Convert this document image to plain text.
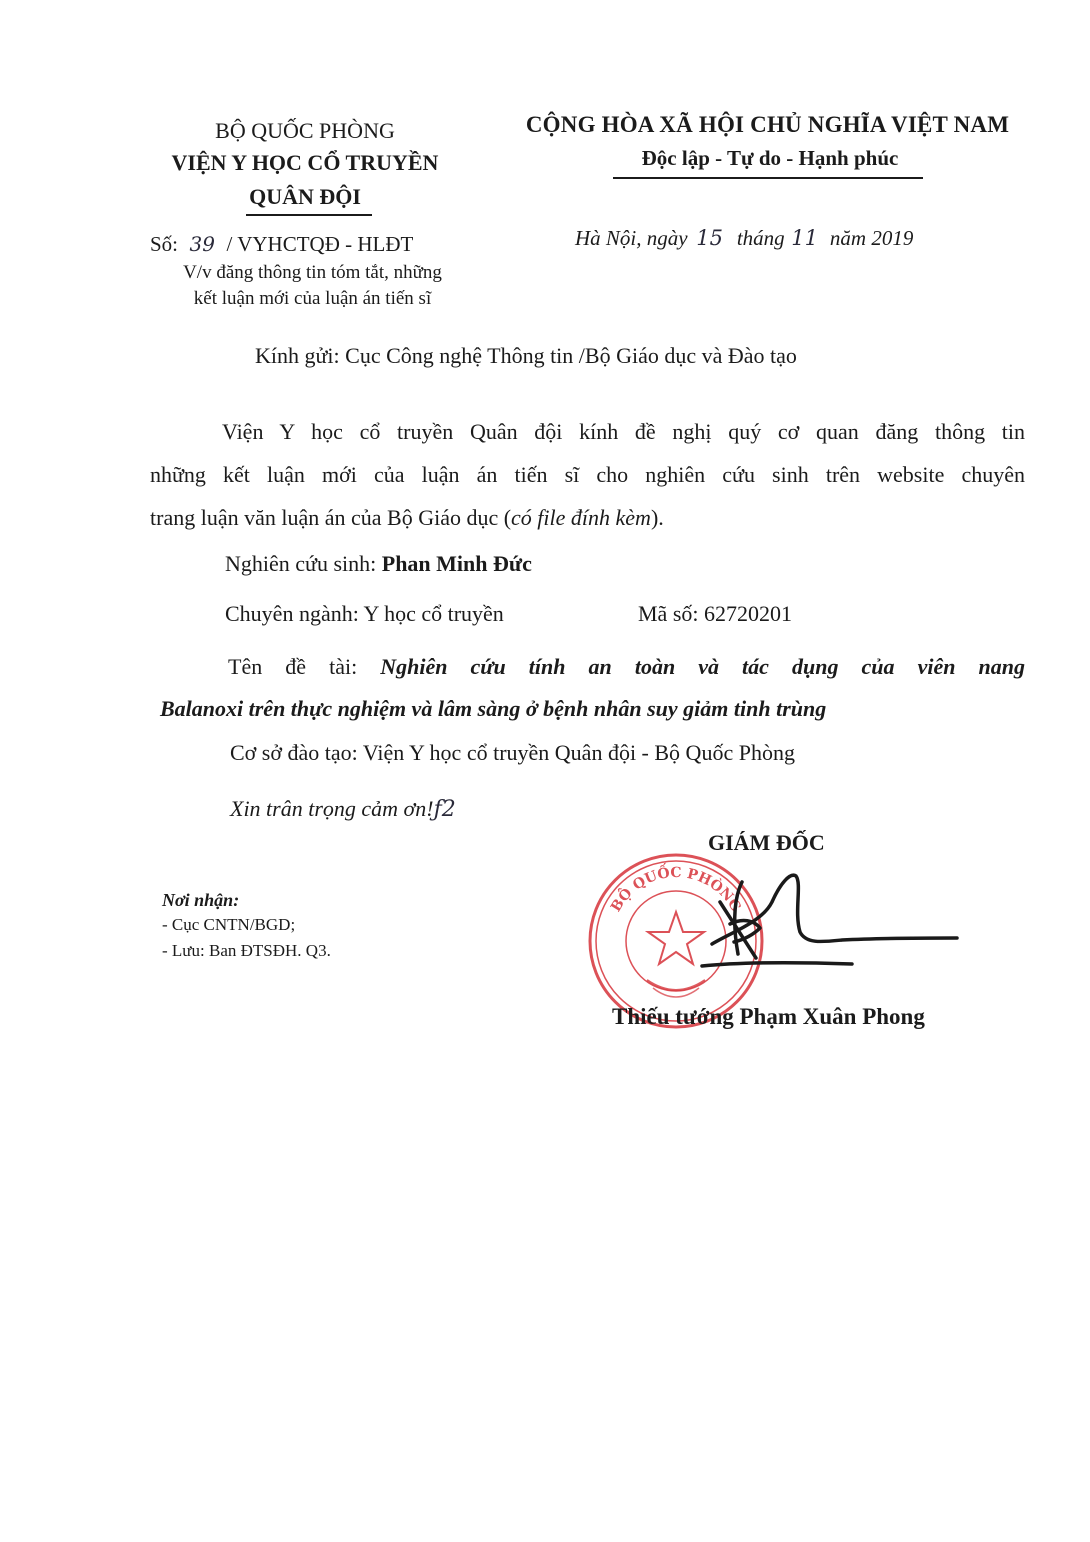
BỘ QUỐC PHÒNG
VIỆN Y HỌC CỔ TRUYỀN
QUÂN ĐỘI
Số: 39 / VYHCTQĐ - HLĐT
V/v đăng thông tin tóm tắt, những
kết luận mới của luận án tiến sĩ
CỘNG HÒA XÃ HỘI CHỦ NGHĨA VIỆT NAM
Độc lập - Tự do - Hạnh phúc
Hà Nội, ngày 15 tháng 11 năm 2019
Kính gửi: Cục Công nghệ Thông tin /Bộ Giáo dục và Đào tạo
Viện Y học cổ truyền Quân đội kính đề nghị quý cơ quan đăng thông tin
những kết luận mới của luận án tiến sĩ cho nghiên cứu sinh trên website chuyên
trang luận văn luận án của Bộ Giáo dục (có file đính kèm).
Nghiên cứu sinh: Phan Minh Đức
Chuyên ngành: Y học cổ truyền	Mã số: 62720201
Tên đề tài: Nghiên cứu tính an toàn và tác dụng của viên nang
Balanoxi trên thực nghiệm và lâm sàng ở bệnh nhân suy giảm tinh trùng
Cơ sở đào tạo: Viện Y học cổ truyền Quân đội - Bộ Quốc Phòng
Xin trân trọng cảm ơn!ƒ2
Nơi nhận:
- Cục CNTN/BGD;
- Lưu: Ban ĐTSĐH. Q3.
GIÁM ĐỐC
BỘ QUỐC PHÒNG
Thiếu tướng Phạm Xuân Phong
